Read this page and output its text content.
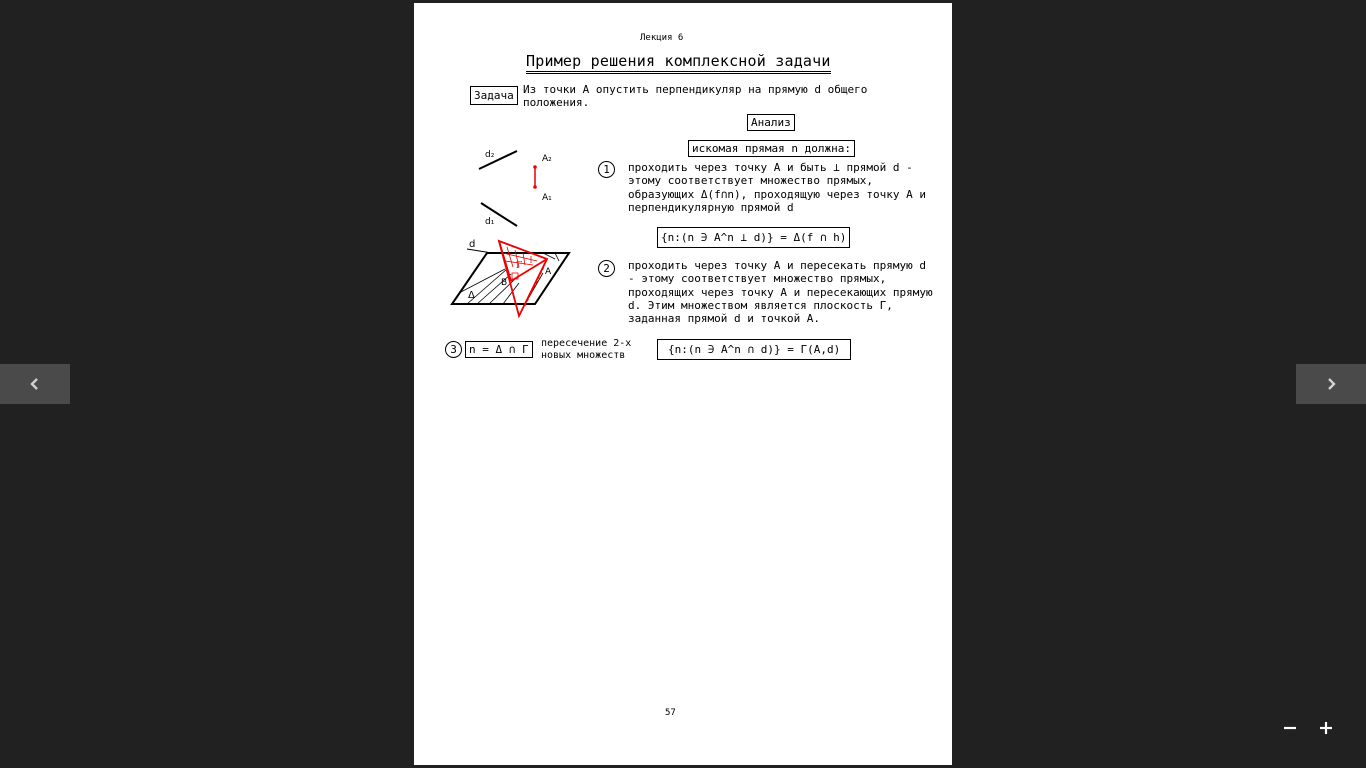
Лекция 6
Пример решения комплексной задачи
Задача Из точки А опустить перпендикуляр на прямую d общего положения.
Анализ
искомая прямая n должна:
1	проходить через точку А и быть ⊥ прямой d - этому соответствует множество прямых, образующих Δ(f∩n), проходящую через точку А и перпендикулярную прямой d
{n:(n ∋ A^n ⊥ d)} = Δ(f ∩ h)
2	проходить через точку А и пересекать прямую d - этому соответствует множество прямых, проходящих через точку А и пересекающих прямую d. Этим множеством является плоскость Γ, заданная прямой d и точкой А.
3	n = Δ ∩ Γ	пересечение 2-х новых множеств	{n:(n ∋ A^n ∩ d)} = Γ(A,d)
d₂	A₂
A₁
d₁
d
B
A
Γ
Δ
57
